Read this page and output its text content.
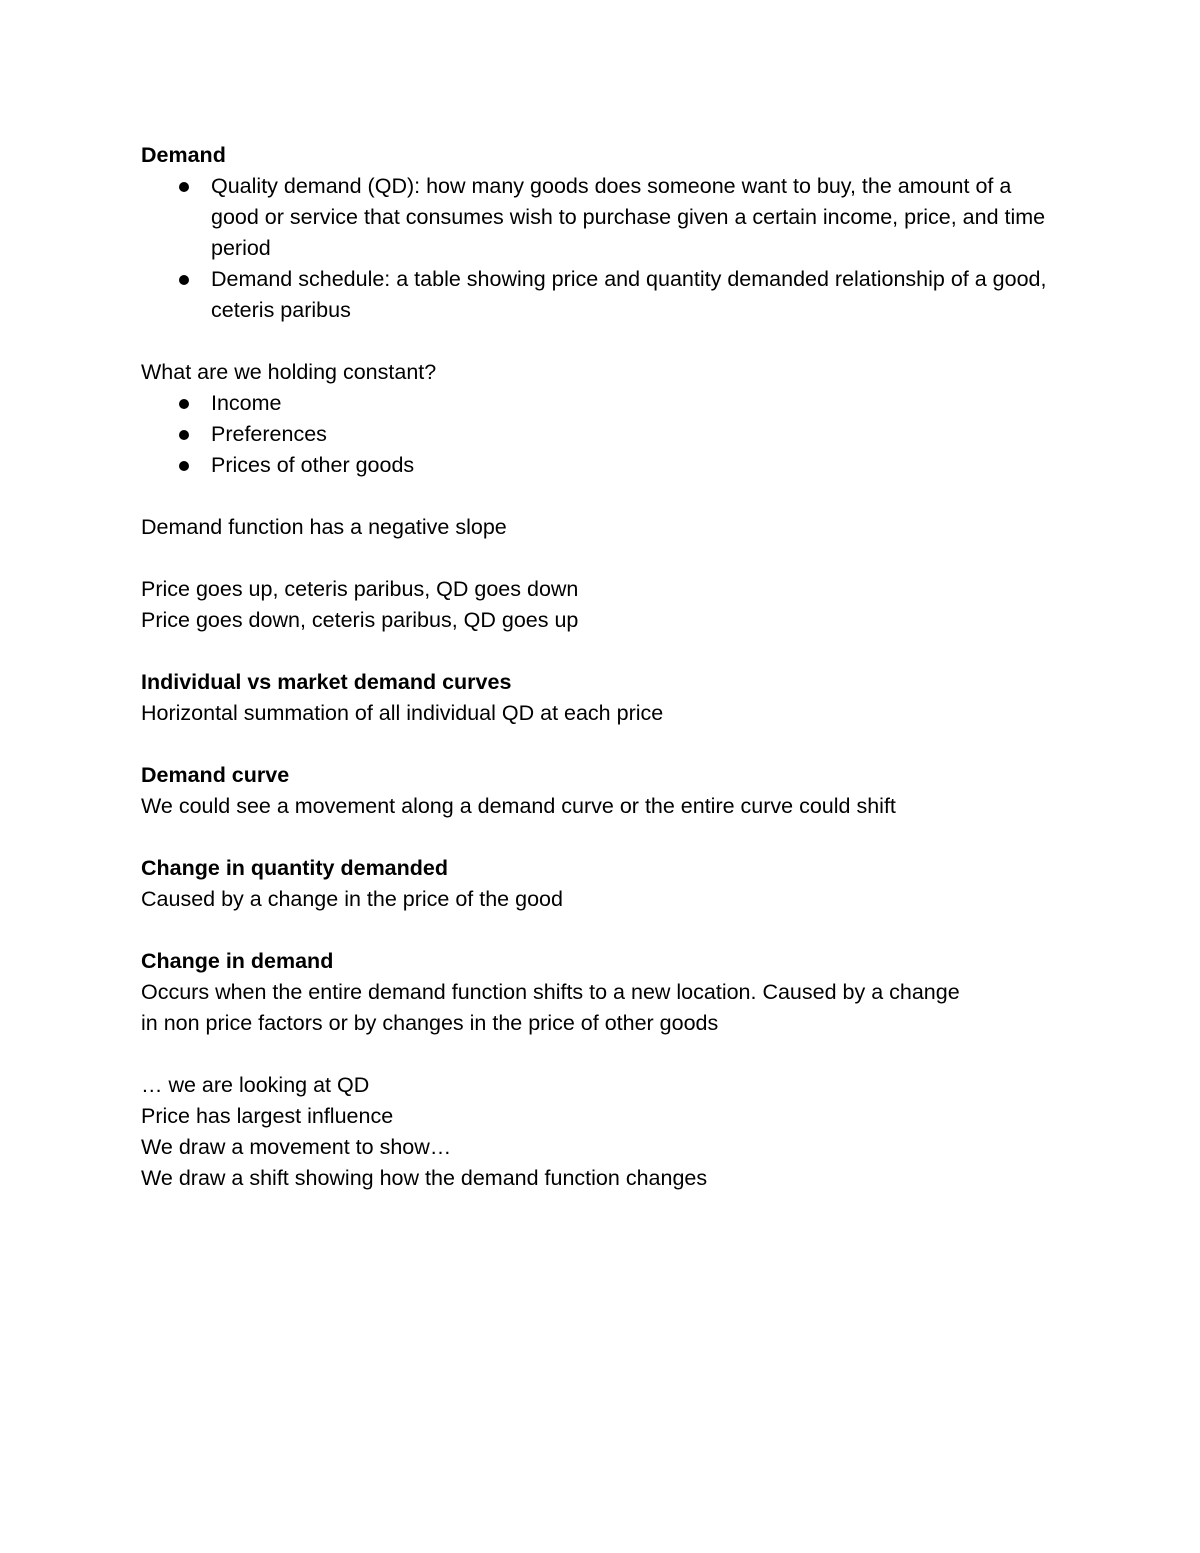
Demand

Quality demand (QD): how many goods does someone want to buy, the amount of a good or service that consumes wish to purchase given a certain income, price, and time period
Demand schedule: a table showing price and quantity demanded relationship of a good, ceteris paribus

What are we holding constant?

Income
Preferences
Prices of other goods

Demand function has a negative slope

Price goes up, ceteris paribus, QD goes down

Price goes down, ceteris paribus, QD goes up

Individual vs market demand curves

Horizontal summation of all individual QD at each price

Demand curve

We could see a movement along a demand curve or the entire curve could shift

Change in quantity demanded

Caused by a change in the price of the good

Change in demand

Occurs when the entire demand function shifts to a new location. Caused by a change

in non price factors or by changes in the price of other goods

… we are looking at QD

Price has largest influence

We draw a movement to show…

We draw a shift showing how the demand function changes
